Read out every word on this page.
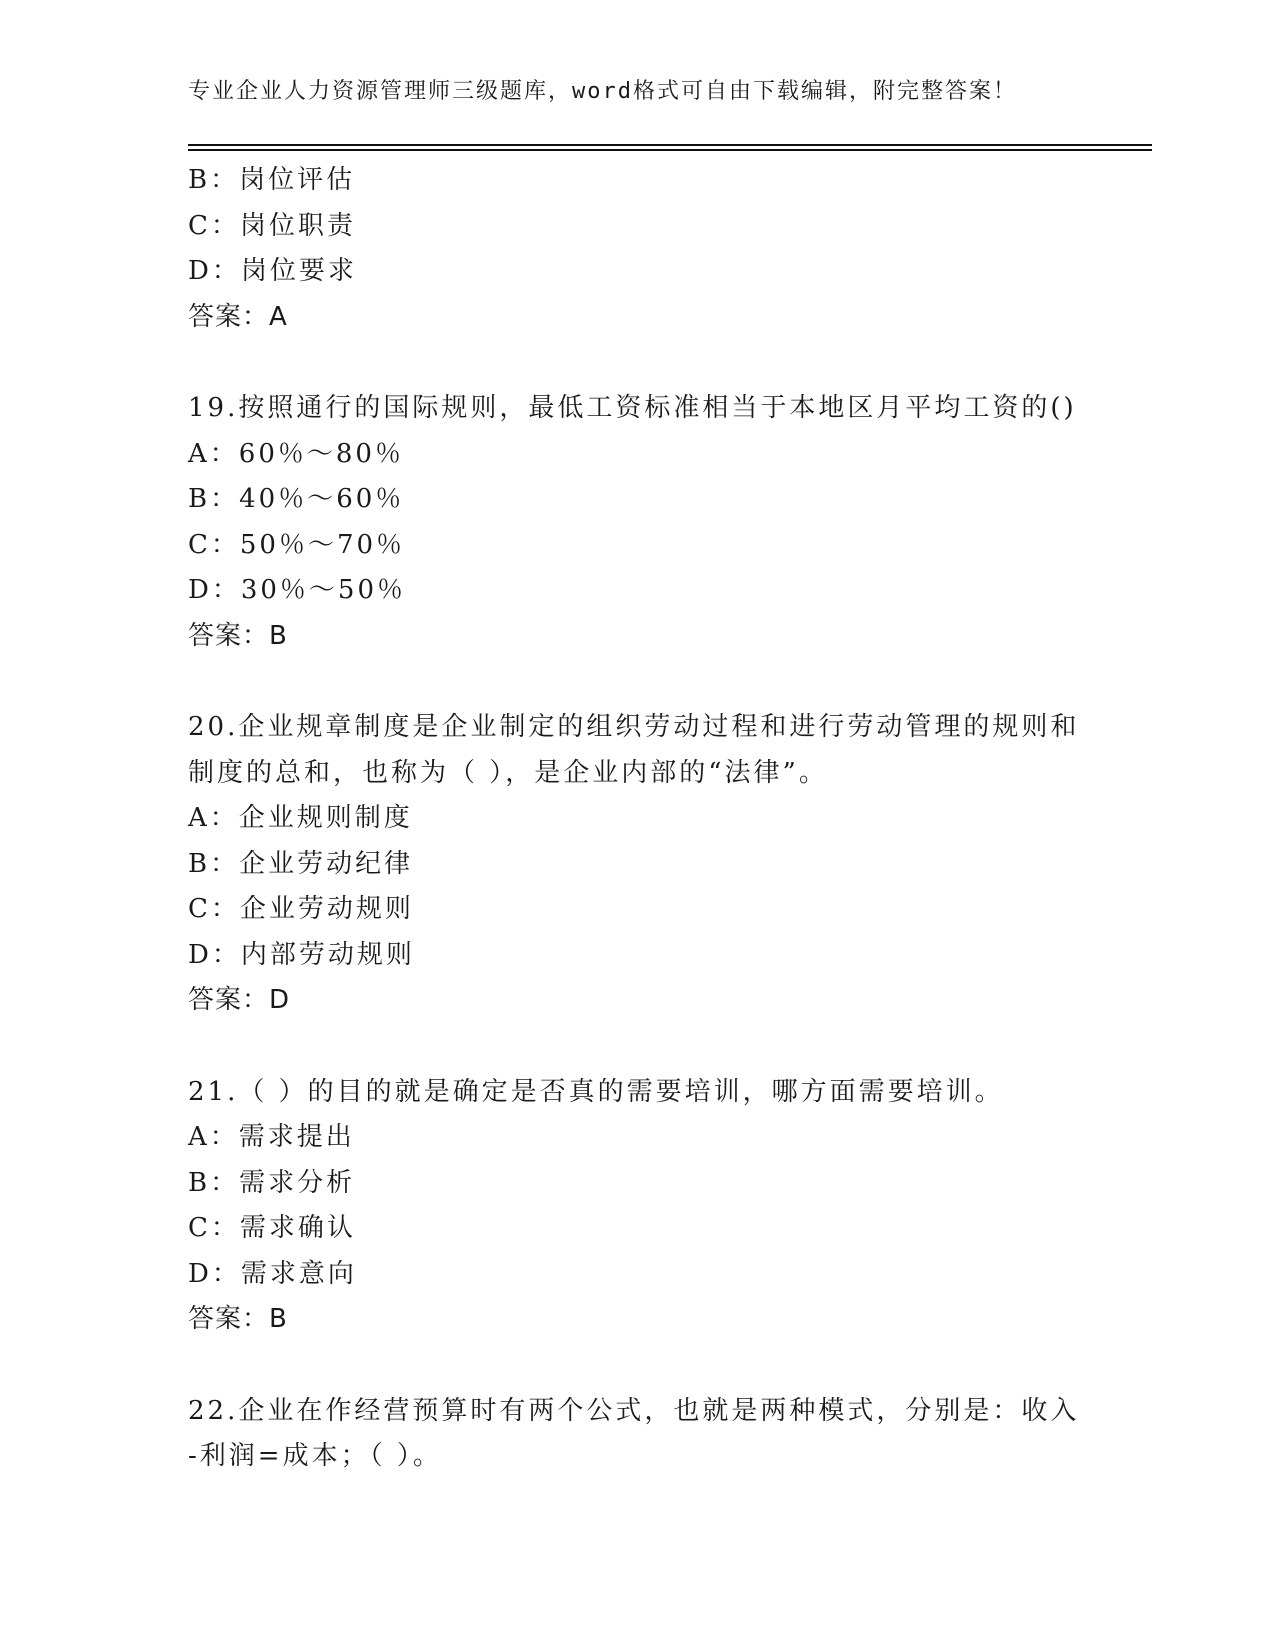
专业企业人力资源管理师三级题库，word格式可自由下载编辑，附完整答案！
B：岗位评估
C：岗位职责
D：岗位要求
答案：A
19.按照通行的国际规则，最低工资标准相当于本地区月平均工资的()
A：60％～80％
B：40％～60％
C：50％～70％
D：30％～50％
答案：B
20.企业规章制度是企业制定的组织劳动过程和进行劳动管理的规则和
制度的总和，也称为（ ），是企业内部的“法律”。
A：企业规则制度
B：企业劳动纪律
C：企业劳动规则
D：内部劳动规则
答案：D
21.（ ）的目的就是确定是否真的需要培训，哪方面需要培训。
A：需求提出
B：需求分析
C：需求确认
D：需求意向
答案：B
22.企业在作经营预算时有两个公式，也就是两种模式，分别是：收入
-利润=成本；（ ）。
